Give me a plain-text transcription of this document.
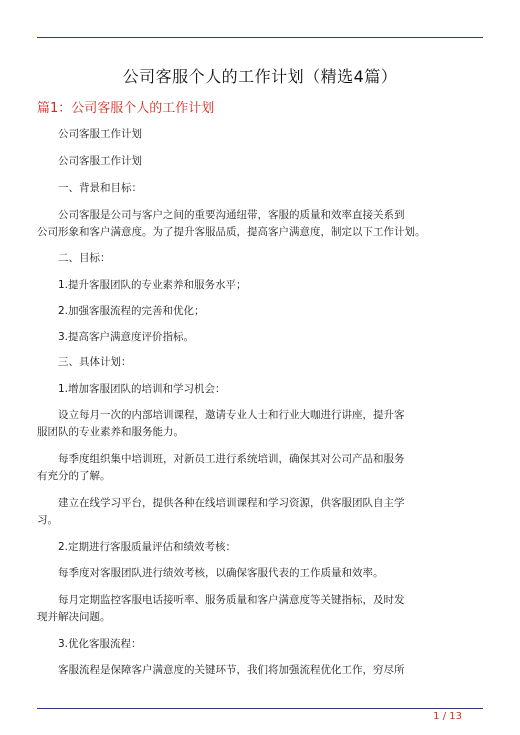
公司客服个人的工作计划（精选4篇）
篇1：公司客服个人的工作计划

公司客服工作计划

公司客服工作计划

一、背景和目标：

公司客服是公司与客户之间的重要沟通纽带，客服的质量和效率直接关系到
公司形象和客户满意度。为了提升客服品质，提高客户满意度，制定以下工作计划。

二、目标：

1.提升客服团队的专业素养和服务水平；

2.加强客服流程的完善和优化；

3.提高客户满意度评价指标。

三、具体计划：

1.增加客服团队的培训和学习机会：

设立每月一次的内部培训课程，邀请专业人士和行业大咖进行讲座，提升客
服团队的专业素养和服务能力。

每季度组织集中培训班，对新员工进行系统培训，确保其对公司产品和服务
有充分的了解。

建立在线学习平台，提供各种在线培训课程和学习资源，供客服团队自主学
习。

2.定期进行客服质量评估和绩效考核：

每季度对客服团队进行绩效考核，以确保客服代表的工作质量和效率。

每月定期监控客服电话接听率、服务质量和客户满意度等关键指标，及时发
现并解决问题。

3.优化客服流程：

客服流程是保障客户满意度的关键环节，我们将加强流程优化工作，穷尽所

1 / 13
